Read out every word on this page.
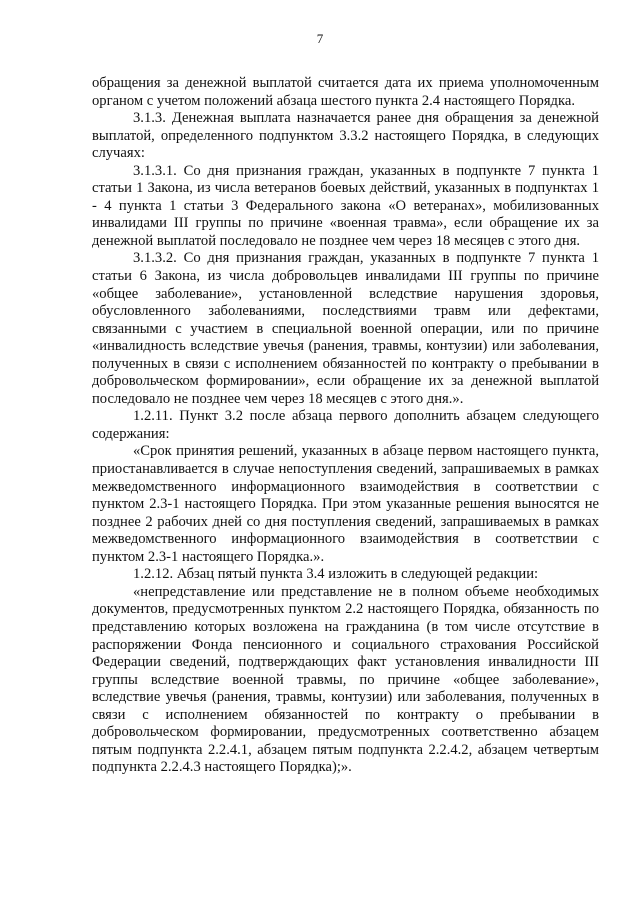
7

обращения за денежной выплатой считается дата их приема уполномоченным органом с учетом положений абзаца шестого пункта 2.4 настоящего Порядка.

3.1.3. Денежная выплата назначается ранее дня обращения за денежной выплатой, определенного подпунктом 3.3.2 настоящего Порядка, в следующих случаях:

3.1.3.1. Со дня признания граждан, указанных в подпункте 7 пункта 1 статьи 1 Закона, из числа ветеранов боевых действий, указанных в подпунктах 1 - 4 пункта 1 статьи 3 Федерального закона «О ветеранах», мобилизованных инвалидами III группы по причине «военная травма», если обращение их за денежной выплатой последовало не позднее чем через 18 месяцев с этого дня.

3.1.3.2. Со дня признания граждан, указанных в подпункте 7 пункта 1 статьи 6 Закона, из числа добровольцев инвалидами III группы по причине «общее заболевание», установленной вследствие нарушения здоровья, обусловленного заболеваниями, последствиями травм или дефектами, связанными с участием в специальной военной операции, или по причине «инвалидность вследствие увечья (ранения, травмы, контузии) или заболевания, полученных в связи с исполнением обязанностей по контракту о пребывании в добровольческом формировании», если обращение их за денежной выплатой последовало не позднее чем через 18 месяцев с этого дня.».

1.2.11. Пункт 3.2 после абзаца первого дополнить абзацем следующего содержания:

«Срок принятия решений, указанных в абзаце первом настоящего пункта, приостанавливается в случае непоступления сведений, запрашиваемых в рамках межведомственного информационного взаимодействия в соответствии с пунктом 2.3-1 настоящего Порядка. При этом указанные решения выносятся не позднее 2 рабочих дней со дня поступления сведений, запрашиваемых в рамках межведомственного информационного взаимодействия в соответствии с пунктом 2.3-1 настоящего Порядка.».

1.2.12. Абзац пятый пункта 3.4 изложить в следующей редакции:

«непредставление или представление не в полном объеме необходимых документов, предусмотренных пунктом 2.2 настоящего Порядка, обязанность по представлению которых возложена на гражданина (в том числе отсутствие в распоряжении Фонда пенсионного и социального страхования Российской Федерации сведений, подтверждающих факт установления инвалидности III группы вследствие военной травмы, по причине «общее заболевание», вследствие увечья (ранения, травмы, контузии) или заболевания, полученных в связи с исполнением обязанностей по контракту о пребывании в добровольческом формировании, предусмотренных соответственно абзацем пятым подпункта 2.2.4.1, абзацем пятым подпункта 2.2.4.2, абзацем четвертым подпункта 2.2.4.3 настоящего Порядка);».
